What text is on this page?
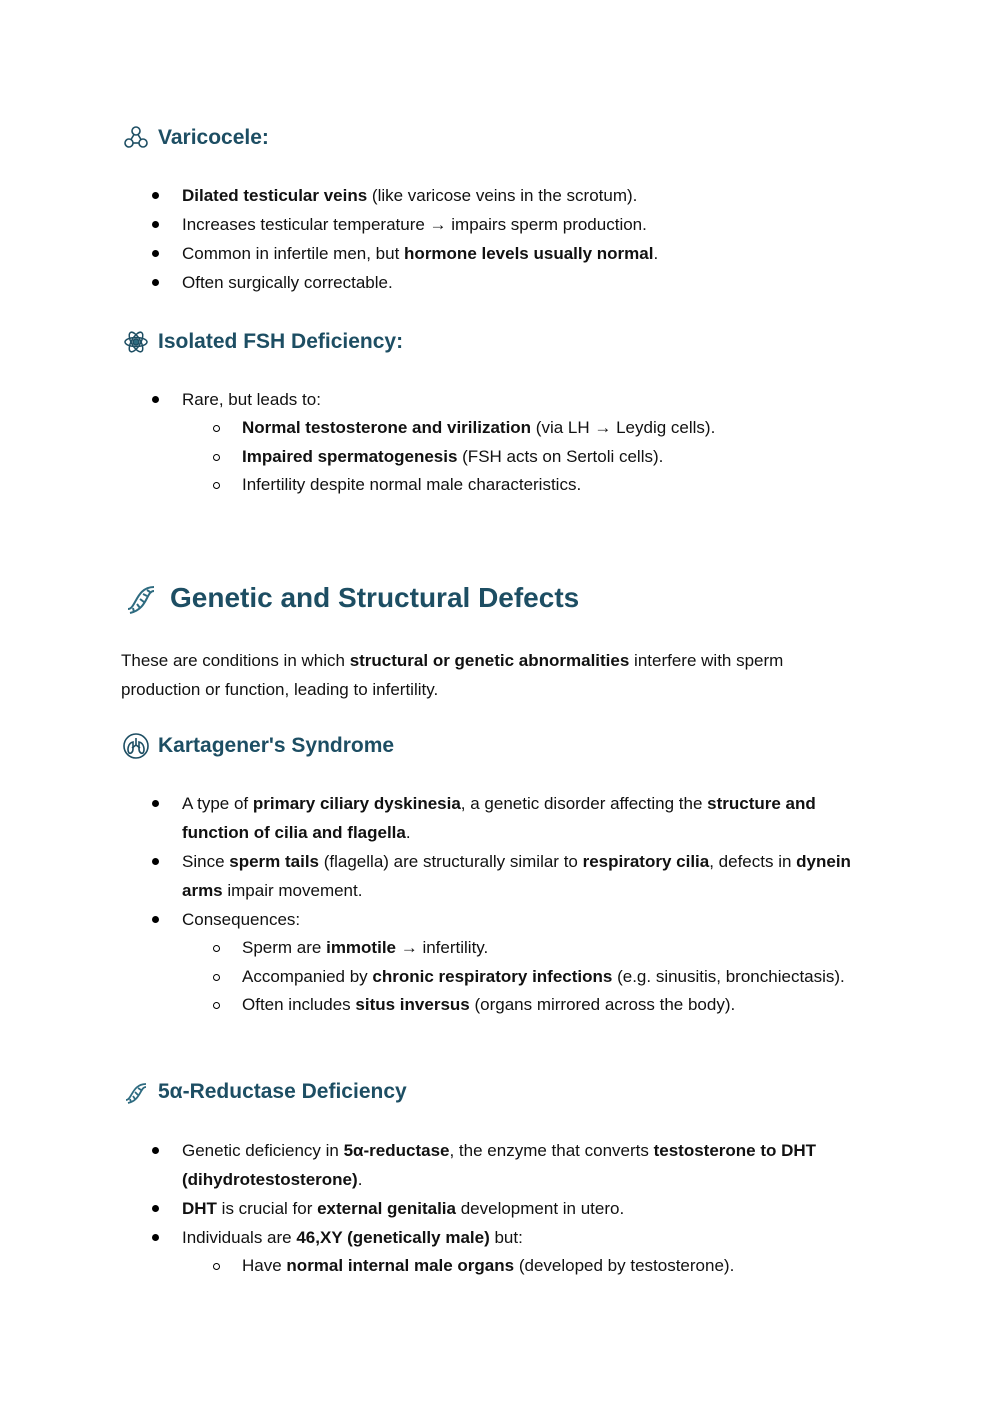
Varicocele:
Dilated testicular veins (like varicose veins in the scrotum).
Increases testicular temperature → impairs sperm production.
Common in infertile men, but hormone levels usually normal.
Often surgically correctable.
Isolated FSH Deficiency:
Rare, but leads to:
Normal testosterone and virilization (via LH → Leydig cells).
Impaired spermatogenesis (FSH acts on Sertoli cells).
Infertility despite normal male characteristics.
Genetic and Structural Defects

These are conditions in which structural or genetic abnormalities interfere with sperm production or function, leading to infertility.

Kartagener's Syndrome
A type of primary ciliary dyskinesia, a genetic disorder affecting the structure and function of cilia and flagella.
Since sperm tails (flagella) are structurally similar to respiratory cilia, defects in dynein arms impair movement.
Consequences:
Sperm are immotile → infertility.
Accompanied by chronic respiratory infections (e.g. sinusitis, bronchiectasis).
Often includes situs inversus (organs mirrored across the body).
5α-Reductase Deficiency
Genetic deficiency in 5α-reductase, the enzyme that converts testosterone to DHT (dihydrotestosterone).
DHT is crucial for external genitalia development in utero.
Individuals are 46,XY (genetically male) but:
Have normal internal male organs (developed by testosterone).
